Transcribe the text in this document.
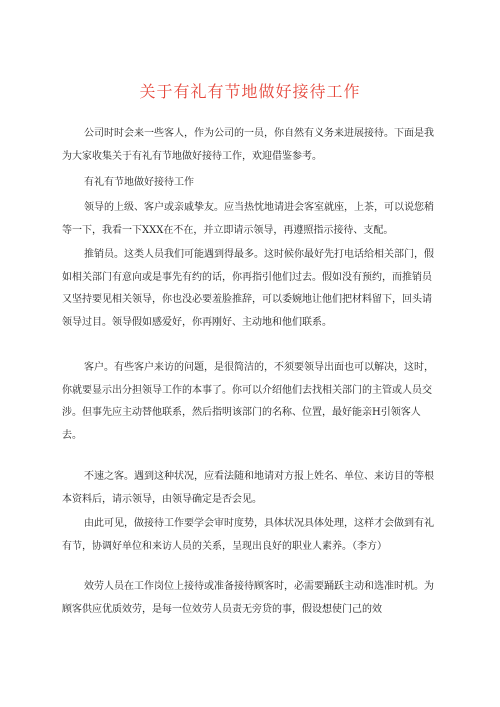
关于有礼有节地做好接待工作

公司时时会来一些客人，作为公司的一员，你自然有义务来进展接待。下面是我为大家收集关于有礼有节地做好接待工作，欢迎借鉴参考。

有礼有节地做好接待工作

领导的上级、客户或亲戚挚友。应当热忱地请进会客室就座，上茶，可以说您稍等一下，我看一下XXX在不在，并立即请示领导，再遵照指示接待、支配。

推销员。这类人员我们可能遇到得最多。这时候你最好先打电话给相关部门，假如相关部门有意向或是事先有约的话，你再指引他们过去。假如没有预约，而推销员又坚持要见相关领导，你也没必要羞脸推辞，可以委婉地让他们把材料留下，回头请领导过目。领导假如感爱好，你再刚好、主动地和他们联系。

客户。有些客户来访的问题，是很简洁的，不须要领导出面也可以解决，这时，你就要显示出分担领导工作的本事了。你可以介绍他们去找相关部门的主管或人员交涉。但事先应主动替他联系，然后指明该部门的名称、位置，最好能亲H引领客人去。

不速之客。遇到这种状况，应看法随和地请对方报上姓名、单位、来访目的等根本资料后，请示领导，由领导确定是否会见。

由此可见，做接待工作要学会审时度势，具体状况具体处理，这样才会做到有礼有节，协调好单位和来访人员的关系，呈现出良好的职业人素养。（李方）

效劳人员在工作岗位上接待或准备接待顾客时，必需要踊跃主动和选准时机。为顾客供应优质效劳，是每一位效劳人员责无旁贷的事，假设想使门己的效
